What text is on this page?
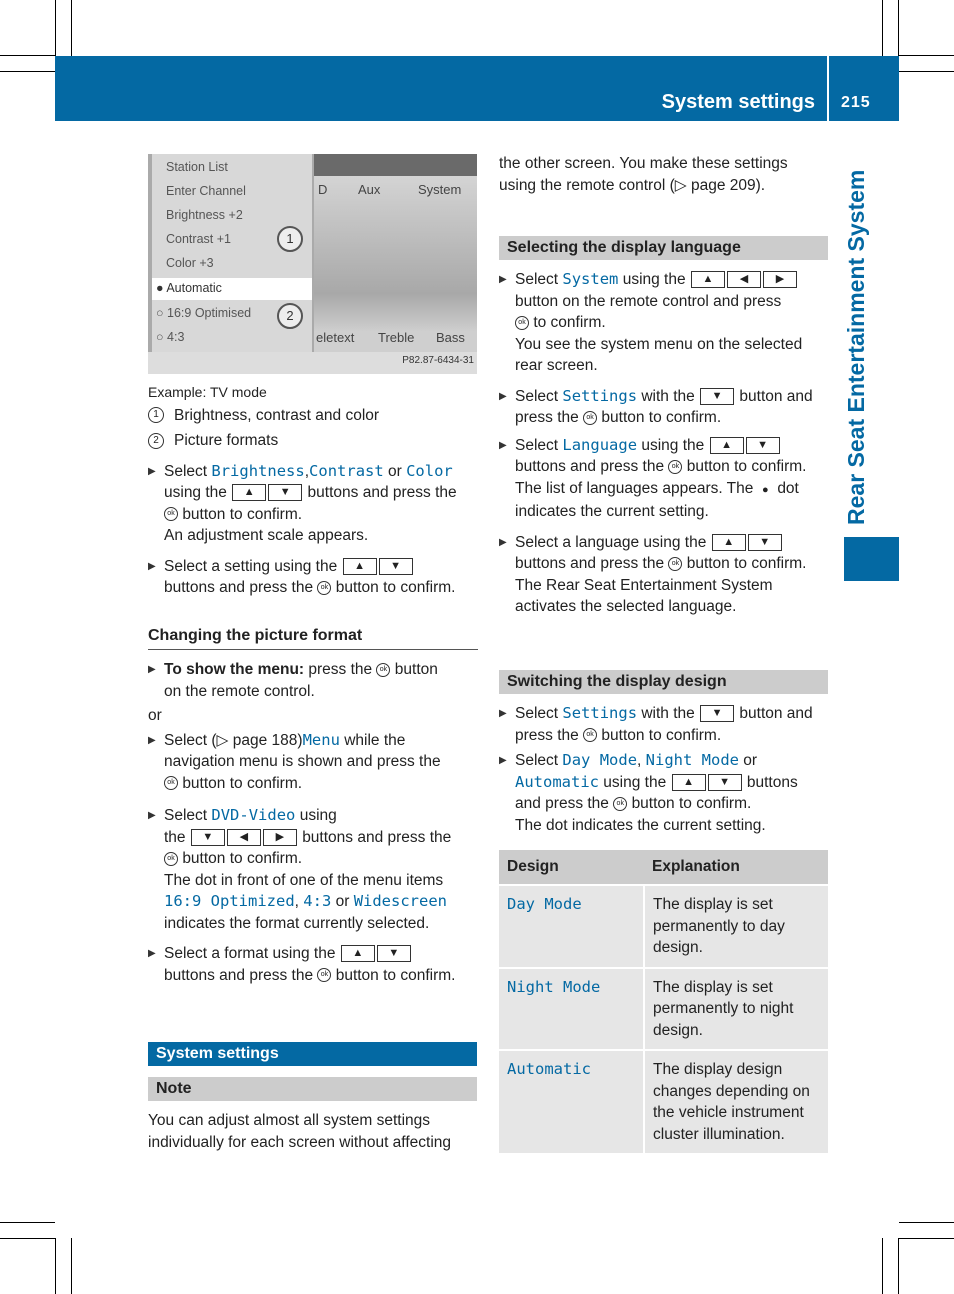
System settings 215
Rear Seat Entertainment System
Station List
Enter Channel
Brightness +2
Contrast +1
Color +3
● Automatic
○ 16:9 Optimised
○ 4:3
1
2
D Aux	System
eletext Treble Bass
P82.87-6434-31

Example: TV mode

1 Brightness, contrast and color

2 Picture formats

▶ Select Brightness,Contrast or Color
using the ▲ ▼ buttons and press the
ok button to confirm.
An adjustment scale appears.
▶ Select a setting using the ▲ ▼
buttons and press the ok button to confirm.
Changing the picture format
▶ To show the menu: press the ok button
on the remote control.

or

▶ Select (▷ page 188)Menu while the
navigation menu is shown and press the
ok button to confirm.
▶ Select DVD-Video using
the ▼ ◀	▶ buttons and press the
ok button to confirm.
The dot in front of one of the menu items
16:9 Optimized, 4:3 or Widescreen
indicates the format currently selected.
▶ Select a format using the ▲ ▼
buttons and press the ok button to confirm.
System settings
Note

You can adjust almost all system settings

individually for each screen without affecting

the other screen. You make these settings

using the remote control (▷ page 209).

Selecting the display language
▶ Select System using the ▲ ◀	▶
button on the remote control and press
ok to confirm.
You see the system menu on the selected
rear screen.
▶ Select Settings with the ▼ button and
press the ok button to confirm.
▶ Select Language using the ▲ ▼
buttons and press the ok button to confirm.
The list of languages appears. The ● dot
indicates the current setting.
▶ Select a language using the ▲ ▼
buttons and press the ok button to confirm.
The Rear Seat Entertainment System
activates the selected language.
Switching the display design
▶ Select Settings with the ▼ button and
press the ok button to confirm.
▶ Select Day Mode, Night Mode or
Automatic using the ▲ ▼ buttons
and press the ok button to confirm.
The dot indicates the current setting.
Design	Explanation
Day Mode	The display is set permanently to day design.
Night Mode	The display is set permanently to night design.
Automatic	The display design changes depending on the vehicle instrument cluster illumination.
